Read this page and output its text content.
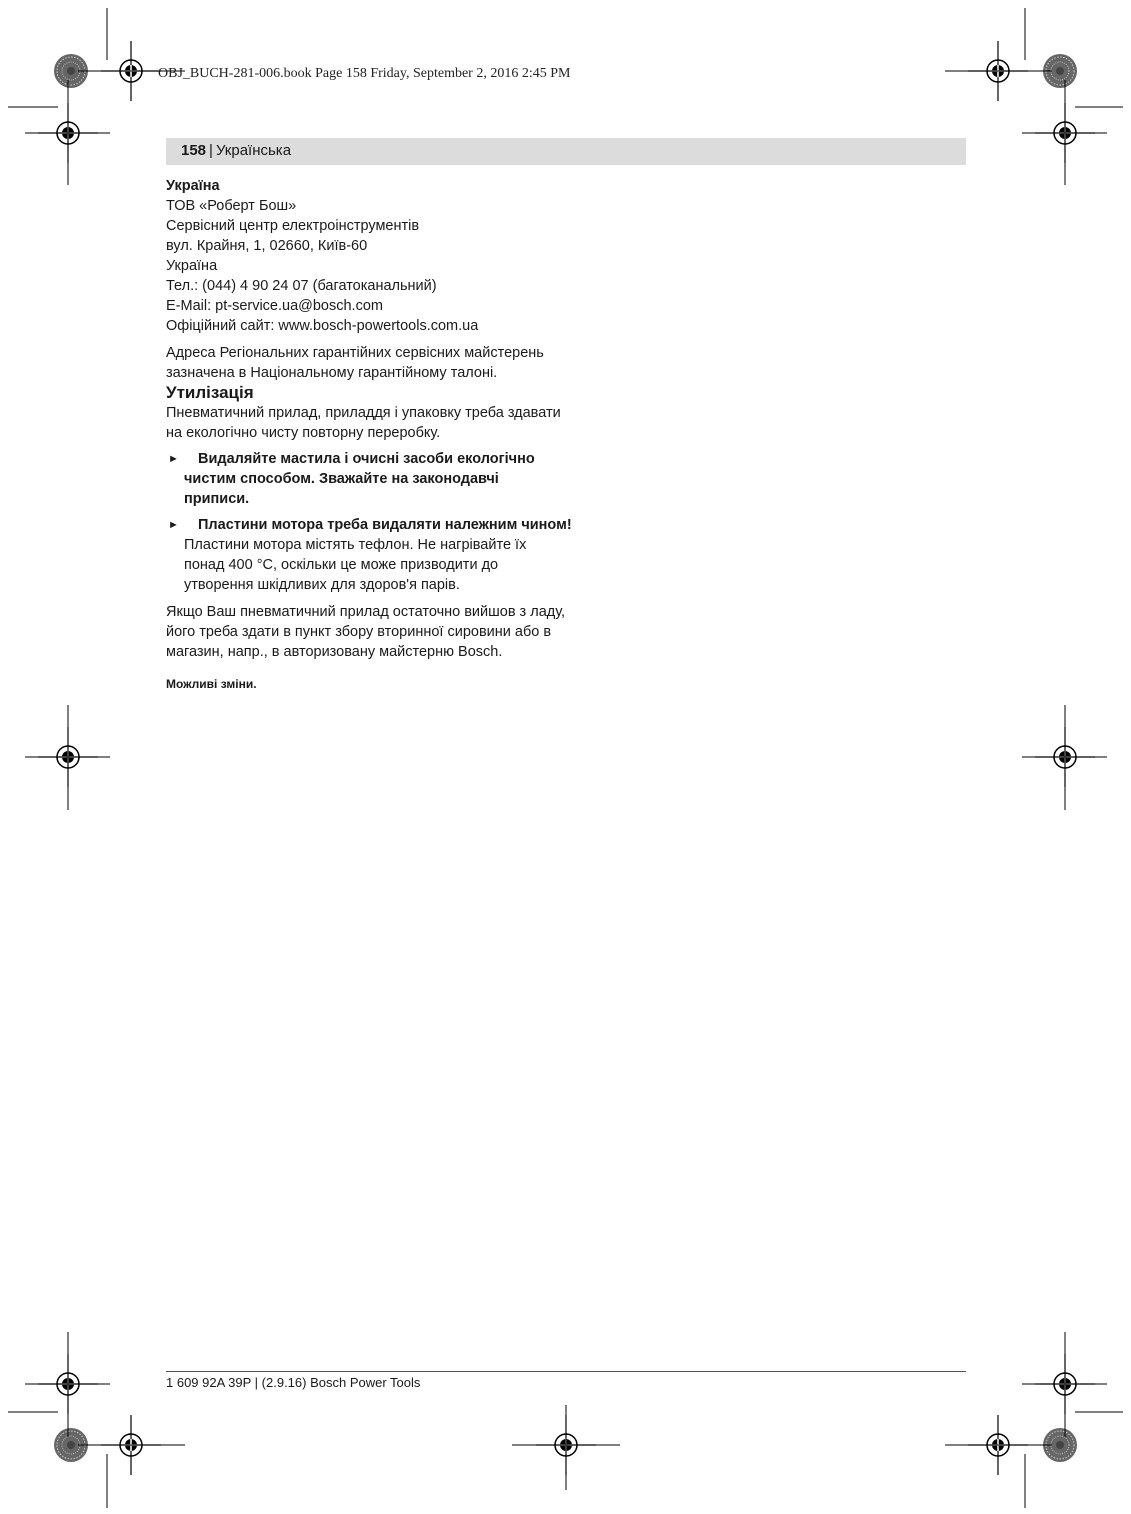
OBJ_BUCH-281-006.book Page 158 Friday, September 2, 2016 2:45 PM
158 | Українська

Україна

ТОВ «Роберт Бош»

Сервісний центр електроінструментів

вул. Крайня, 1, 02660, Київ-60

Україна

Тел.: (044) 4 90 24 07 (багатоканальний)

E-Mail: pt-service.ua@bosch.com

Офіційний сайт: www.bosch-powertools.com.ua

Адреса Регіональних гарантійних сервісних майстерень

зазначена в Національному гарантійному талоні.

Утилізація

Пневматичний прилад, приладдя і упаковку треба здавати

на екологічно чисту повторну переробку.

►	Видаляйте мастила і очисні засоби екологічно

чистим способом. Зважайте на законодавчі

приписи.

►	Пластини мотора треба видаляти належним чином!

Пластини мотора містять тефлон. Не нагрівайте їх

понад 400 °C, оскільки це може призводити до

утворення шкідливих для здоров'я парів.

Якщо Ваш пневматичний прилад остаточно вийшов з ладу,

його треба здати в пункт збору вторинної сировини або в

магазин, напр., в авторизовану майстерню Bosch.

Можливі зміни.

1 609 92A 39P | (2.9.16) Bosch Power Tools
